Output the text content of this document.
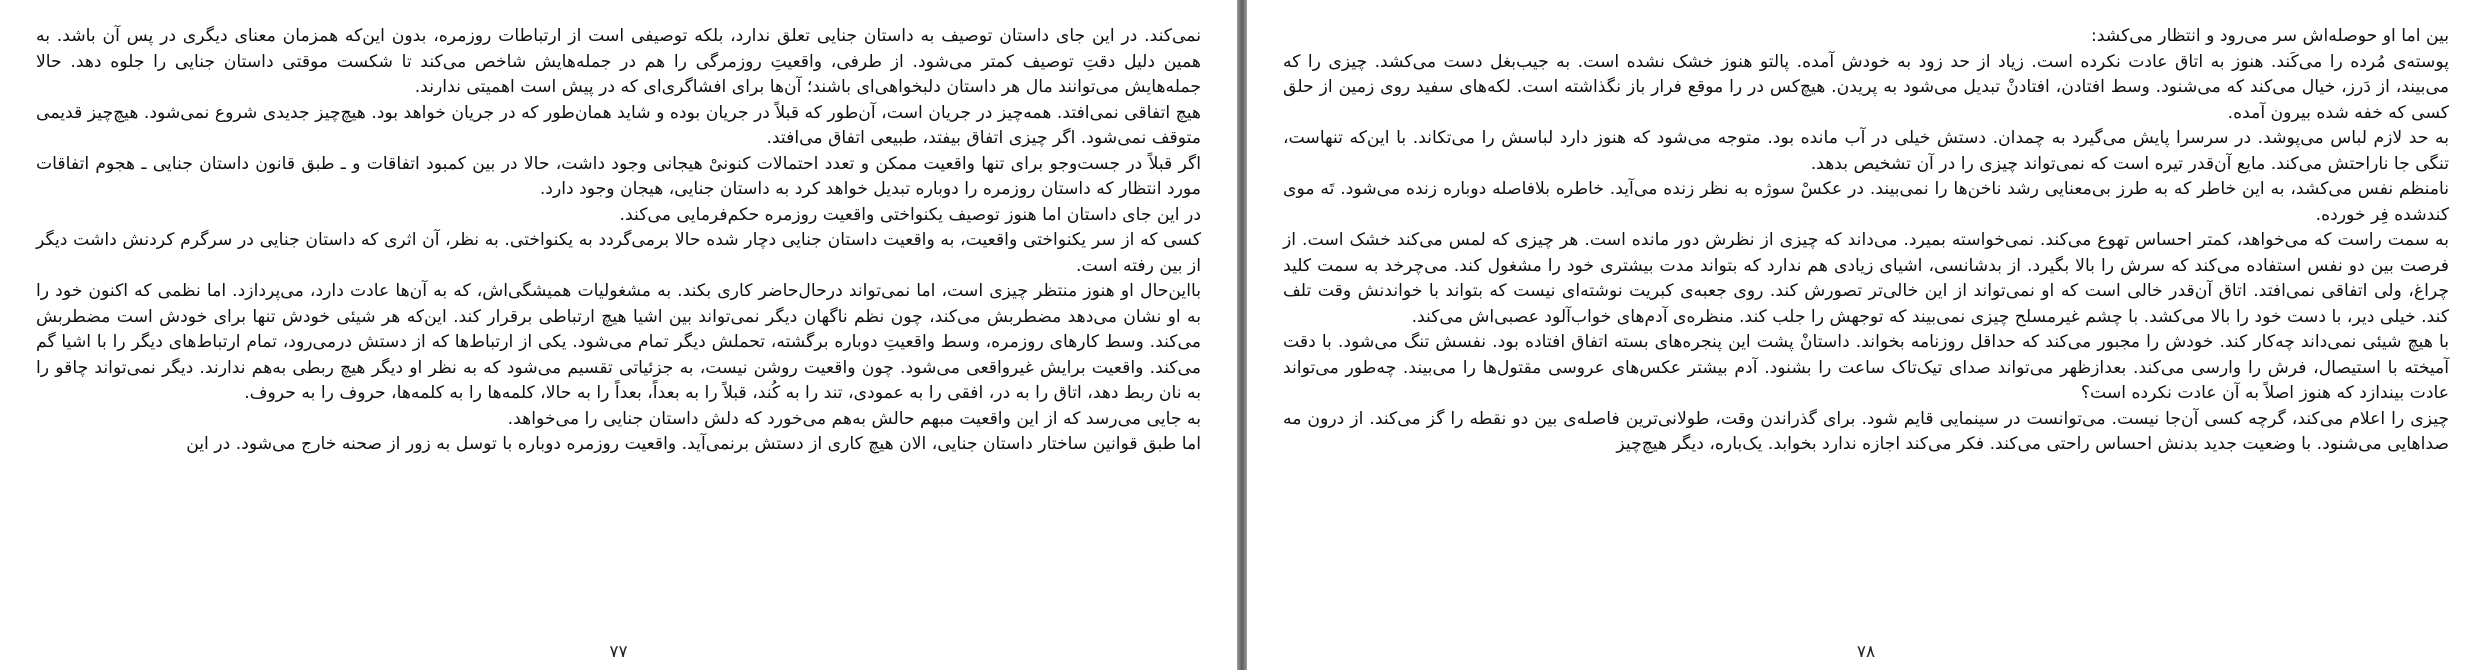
نمی‌کند. در این جای داستان توصیف به داستان جنایی تعلق ندارد، بلکه توصیفی است از ارتباطات روزمره، بدون این‌که همزمان معنای دیگری در پس آن باشد. به همین دلیل دقتِ توصیف کمتر می‌شود. از طرفی، واقعیتِ روزمرگی را هم در جمله‌هایش شاخص می‌کند تا شکست موقتی داستان جنایی را جلوه دهد. حالا جمله‌هایش می‌توانند مال هر داستان دلبخواهی‌ای باشند؛ آن‌ها برای افشاگری‌ای که در پیش است اهمیتی ندارند.

هیچ اتفاقی نمی‌افتد. همه‌چیز در جریان است، آن‌طور که قبلاً در جریان بوده و شاید همان‌طور که در جریان خواهد بود. هیچ‌چیز جدیدی شروع نمی‌شود. هیچ‌چیز قدیمی متوقف نمی‌شود. اگر چیزی اتفاق بیفتد، طبیعی اتفاق می‌افتد.

اگر قبلاً در جست‌وجو برای تنها واقعیت ممکن و تعدد احتمالات کنونیْ هیجانی وجود داشت، حالا در بین کمبود اتفاقات و ـ طبق قانون داستان جنایی ـ هجوم اتفاقات مورد انتظار که داستان روزمره را دوباره تبدیل خواهد کرد به داستان جنایی، هیجان وجود دارد.

در این جای داستان اما هنوز توصیف یکنواختی واقعیت روزمره حکم‌فرمایی می‌کند.

کسی که از سر یکنواختی واقعیت، به واقعیت داستان جنایی دچار شده حالا برمی‌گردد به یکنواختی. به نظر، آن اثری که داستان جنایی در سرگرم کردنش داشت دیگر از بین رفته است.

بااین‌حال او هنوز منتظر چیزی است، اما نمی‌تواند درحال‌حاضر کاری بکند. به مشغولیات همیشگی‌اش، که به آن‌ها عادت دارد، می‌پردازد. اما نظمی که اکنون خود را به او نشان می‌دهد مضطربش می‌کند، چون نظم ناگهان دیگر نمی‌تواند بین اشیا هیچ ارتباطی برقرار کند. این‌که هر شیئی خودش تنها برای خودش است مضطربش می‌کند. وسط کارهای روزمره، وسط واقعیتِ دوباره برگشته، تحملش دیگر تمام می‌شود. یکی از ارتباط‌ها که از دستش درمی‌رود، تمام ارتباط‌های دیگر را با اشیا گم می‌کند. واقعیت برایش غیرواقعی می‌شود. چون واقعیت روشن نیست، به جزئیاتی تقسیم می‌شود که به نظر او دیگر هیچ ربطی به‌هم ندارند. دیگر نمی‌تواند چاقو را به نان ربط دهد، اتاق را به در، افقی را به عمودی، تند را به کُند، قبلاً را به بعداً، بعداً را به حالا، کلمه‌ها را به کلمه‌ها، حروف را به حروف.

به جایی می‌رسد که از این واقعیت مبهم حالش به‌هم می‌خورد که دلش داستان جنایی را می‌خواهد.

اما طبق قوانین ساختار داستان جنایی، الان هیچ کاری از دستش برنمی‌آید. واقعیت روزمره دوباره با توسل به زور از صحنه خارج می‌شود. در این

۷۷

بین اما او حوصله‌اش سر می‌رود و انتظار می‌کشد:

پوسته‌ی مُرده را می‌کَند. هنوز به اتاق عادت نکرده است. زیاد از حد زود به خودش آمده. پالتو هنوز خشک نشده است. به جیب‌بغل دست می‌کشد. چیزی را که می‌بیند، از دَرز، خیال می‌کند که می‌شنود. وسط افتادن، افتادنْ تبدیل می‌شود به پریدن. هیچ‌کس در را موقع فرار باز نگذاشته است. لکه‌های سفید روی زمین از حلق کسی که خفه شده بیرون آمده.

به حد لازم لباس می‌پوشد. در سرسرا پایش می‌گیرد به چمدان. دستش خیلی در آب مانده بود. متوجه می‌شود که هنوز دارد لباسش را می‌تکاند. با این‌که تنهاست، تنگی جا ناراحتش می‌کند. مایع آن‌قدر تیره است که نمی‌تواند چیزی را در آن تشخیص بدهد.

نامنظم نفس می‌کشد، به این خاطر که به طرز بی‌معنایی رشد ناخن‌ها را نمی‌بیند. در عکسْ سوژه به نظر زنده می‌آید. خاطره بلافاصله دوباره زنده می‌شود. تَه موی کندشده فِر خورده.

به سمت راست که می‌خواهد، کمتر احساس تهوع می‌کند. نمی‌خواسته بمیرد. می‌داند که چیزی از نظرش دور مانده است. هر چیزی که لمس می‌کند خشک است. از فرصت بین دو نفس استفاده می‌کند که سرش را بالا بگیرد. از بدشانسی، اشیای زیادی هم ندارد که بتواند مدت بیشتری خود را مشغول کند. می‌چرخد به سمت کلید چراغ، ولی اتفاقی نمی‌افتد. اتاق آن‌قدر خالی است که او نمی‌تواند از این خالی‌تر تصورش کند. روی جعبه‌ی کبریت نوشته‌ای نیست که بتواند با خواندنش وقت تلف کند. خیلی دیر، با دست خود را بالا می‌کشد. با چشم غیرمسلح چیزی نمی‌بیند که توجهش را جلب کند. منظره‌ی آدم‌های خواب‌آلود عصبی‌اش می‌کند.

با هیچ شیئی نمی‌داند چه‌کار کند. خودش را مجبور می‌کند که حداقل روزنامه بخواند. داستانْ پشت این پنجره‌های بسته اتفاق افتاده بود. نفسش تنگ می‌شود. با دقت آمیخته با استیصال، فرش را وارسی می‌کند. بعدازظهر می‌تواند صدای تیک‌تاک ساعت را بشنود. آدم بیشتر عکس‌های عروسی مقتول‌ها را می‌بیند. چه‌طور می‌تواند عادت بیندازد که هنوز اصلاً به آن عادت نکرده است؟

چیزی را اعلام می‌کند، گرچه کسی آن‌جا نیست. می‌توانست در سینمایی قایم شود. برای گذراندن وقت، طولانی‌ترین فاصله‌ی بین دو نقطه را گز می‌کند. از درون مه صداهایی می‌شنود. با وضعیت جدید بدنش احساس راحتی می‌کند. فکر می‌کند اجازه ندارد بخوابد. یک‌باره، دیگر هیچ‌چیز

۷۸
